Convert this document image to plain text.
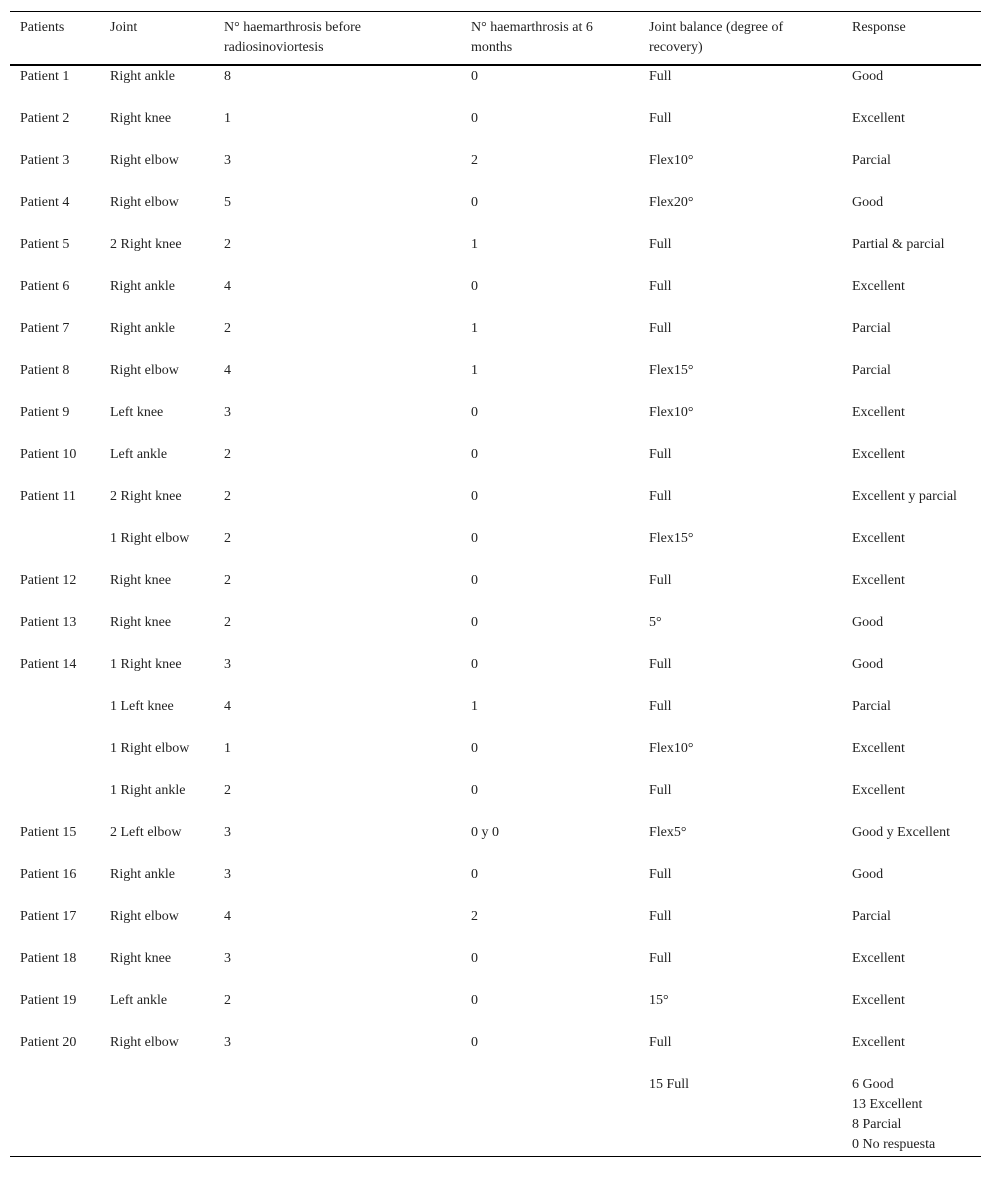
Patients	Joint	N° haemarthrosis before radiosinoviortesis	N° haemarthrosis at 6 months	Joint balance (degree of recovery)	Response
Patient 1	Right ankle	8	0	Full	Good
Patient 2	Right knee	1	0	Full	Excellent
Patient 3	Right elbow	3	2	Flex10°	Parcial
Patient 4	Right elbow	5	0	Flex20°	Good
Patient 5	2 Right knee	2	1	Full	Partial & parcial
Patient 6	Right ankle	4	0	Full	Excellent
Patient 7	Right ankle	2	1	Full	Parcial
Patient 8	Right elbow	4	1	Flex15°	Parcial
Patient 9	Left knee	3	0	Flex10°	Excellent
Patient 10	Left ankle	2	0	Full	Excellent
Patient 11	2 Right knee	2	0	Full	Excellent y parcial
	1 Right elbow	2	0	Flex15°	Excellent
Patient 12	Right knee	2	0	Full	Excellent
Patient 13	Right knee	2	0	5°	Good
Patient 14	1 Right knee	3	0	Full	Good
	1 Left knee	4	1	Full	Parcial
	1 Right elbow	1	0	Flex10°	Excellent
	1 Right ankle	2	0	Full	Excellent
Patient 15	2 Left elbow	3	0 y 0	Flex5°	Good y Excellent
Patient 16	Right ankle	3	0	Full	Good
Patient 17	Right elbow	4	2	Full	Parcial
Patient 18	Right knee	3	0	Full	Excellent
Patient 19	Left ankle	2	0	15°	Excellent
Patient 20	Right elbow	3	0	Full	Excellent
				15 Full	6 Good
13 Excellent
8 Parcial
0 No respuesta
